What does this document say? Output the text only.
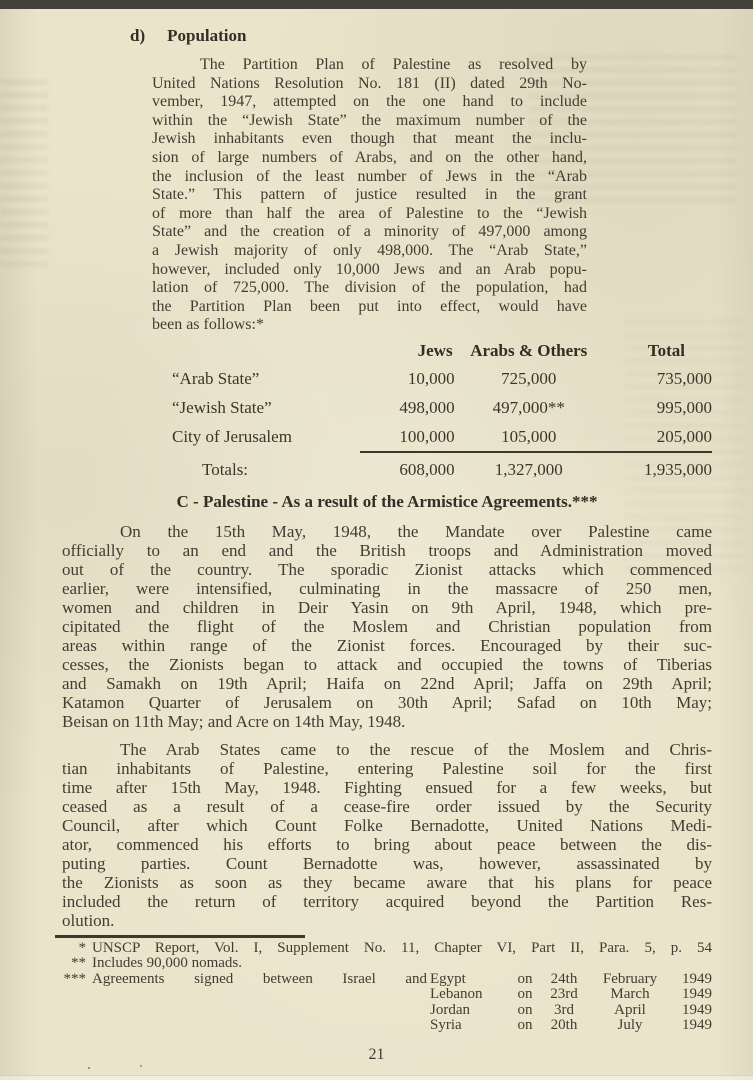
d) Population
The Partition Plan of Palestine as resolved by
United Nations Resolution No. 181 (II) dated 29th No-
vember, 1947, attempted on the one hand to include
within the “Jewish State” the maximum number of the
Jewish inhabitants even though that meant the inclu-
sion of large numbers of Arabs, and on the other hand,
the inclusion of the least number of Jews in the “Arab
State.” This pattern of justice resulted in the grant
of more than half the area of Palestine to the “Jewish
State” and the creation of a minority of 497,000 among
a Jewish majority of only 498,000. The “Arab State,”
however, included only 10,000 Jews and an Arab popu-
lation of 725,000. The division of the population, had
the Partition Plan been put into effect, would have
been as follows:*
	Jews	Arabs & Others	Total
“Arab State”	10,000	725,000	735,000
“Jewish State”	498,000	497,000**	995,000
City of Jerusalem	100,000	105,000	205,000
Totals:	608,000	1,327,000	1,935,000
C - Palestine - As a result of the Armistice Agreements.***
On the 15th May, 1948, the Mandate over Palestine came
officially to an end and the British troops and Administration moved
out of the country. The sporadic Zionist attacks which commenced
earlier, were intensified, culminating in the massacre of 250 men,
women and children in Deir Yasin on 9th April, 1948, which pre-
cipitated the flight of the Moslem and Christian population from
areas within range of the Zionist forces. Encouraged by their suc-
cesses, the Zionists began to attack and occupied the towns of Tiberias
and Samakh on 19th April; Haifa on 22nd April; Jaffa on 29th April;
Katamon Quarter of Jerusalem on 30th April; Safad on 10th May;
Beisan on 11th May; and Acre on 14th May, 1948.
The Arab States came to the rescue of the Moslem and Chris-
tian inhabitants of Palestine, entering Palestine soil for the first
time after 15th May, 1948. Fighting ensued for a few weeks, but
ceased as a result of a cease-fire order issued by the Security
Council, after which Count Folke Bernadotte, United Nations Medi-
ator, commenced his efforts to bring about peace between the dis-
puting parties. Count Bernadotte was, however, assassinated by
the Zionists as soon as they became aware that his plans for peace
included the return of territory acquired beyond the Partition Res-
olution.
* UNSCP Report, Vol. I, Supplement No. 11, Chapter VI, Part II, Para. 5, p. 54
** Includes 90,000 nomads.
*** Agreements signed between Israel and Egypt	on	24th	February	1949
Lebanon	on	23rd	March	1949
Jordan	on	3rd	April	1949
Syria	on	20th	July	1949
21
